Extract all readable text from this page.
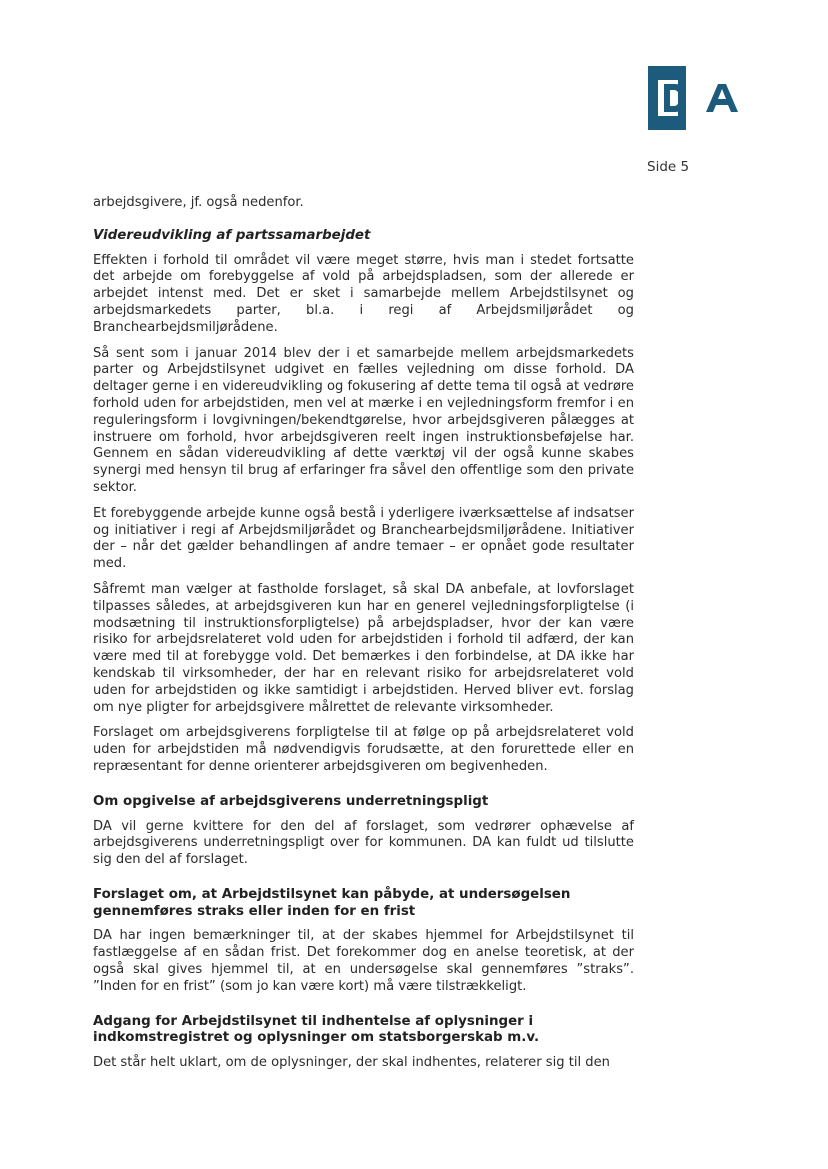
Side 5

arbejdsgivere, jf. også nedenfor.

Videreudvikling af partssamarbejdet

Effekten i forhold til området vil være meget større, hvis man i stedet fortsatte det arbejde om forebyggelse af vold på arbejdspladsen, som der allerede er arbejdet intenst med. Det er sket i samarbejde mellem Arbejdstilsynet og arbejdsmarkedets parter, bl.a. i regi af Arbejdsmiljørådet og Branchearbejdsmiljørådene.

Så sent som i januar 2014 blev der i et samarbejde mellem arbejdsmarkedets parter og Arbejdstilsynet udgivet en fælles vejledning om disse forhold. DA deltager gerne i en videreudvikling og fokusering af dette tema til også at vedrøre forhold uden for arbejdstiden, men vel at mærke i en vejledningsform fremfor i en reguleringsform i lovgivningen/bekendtgørelse, hvor arbejdsgiveren pålægges at instruere om forhold, hvor arbejdsgiveren reelt ingen instruktionsbeføjelse har. Gennem en sådan videreudvikling af dette værktøj vil der også kunne skabes synergi med hensyn til brug af erfaringer fra såvel den offentlige som den private sektor.

Et forebyggende arbejde kunne også bestå i yderligere iværksættelse af indsatser og initiativer i regi af Arbejdsmiljørådet og Branchearbejdsmiljørådene. Initiativer der – når det gælder behandlingen af andre temaer – er opnået gode resultater med.

Såfremt man vælger at fastholde forslaget, så skal DA anbefale, at lovforslaget tilpasses således, at arbejdsgiveren kun har en generel vejledningsforpligtelse (i modsætning til instruktionsforpligtelse) på arbejdspladser, hvor der kan være risiko for arbejdsrelateret vold uden for arbejdstiden i forhold til adfærd, der kan være med til at forebygge vold. Det bemærkes i den forbindelse, at DA ikke har kendskab til virksomheder, der har en relevant risiko for arbejdsrelateret vold uden for arbejdstiden og ikke samtidigt i arbejdstiden. Herved bliver evt. forslag om nye pligter for arbejdsgivere målrettet de relevante virksomheder.

Forslaget om arbejdsgiverens forpligtelse til at følge op på arbejdsrelateret vold uden for arbejdstiden må nødvendigvis forudsætte, at den forurettede eller en repræsentant for denne orienterer arbejdsgiveren om begivenheden.

Om opgivelse af arbejdsgiverens underretningspligt

DA vil gerne kvittere for den del af forslaget, som vedrører ophævelse af arbejdsgiverens underretningspligt over for kommunen. DA kan fuldt ud tilslutte sig den del af forslaget.

Forslaget om, at Arbejdstilsynet kan påbyde, at undersøgelsen gennemføres straks eller inden for en frist

DA har ingen bemærkninger til, at der skabes hjemmel for Arbejdstilsynet til fastlæggelse af en sådan frist. Det forekommer dog en anelse teoretisk, at der også skal gives hjemmel til, at en undersøgelse skal gennemføres ”straks”. ”Inden for en frist” (som jo kan være kort) må være tilstrækkeligt.

Adgang for Arbejdstilsynet til indhentelse af oplysninger i indkomstregistret og oplysninger om statsborgerskab m.v.

Det står helt uklart, om de oplysninger, der skal indhentes, relaterer sig til den
